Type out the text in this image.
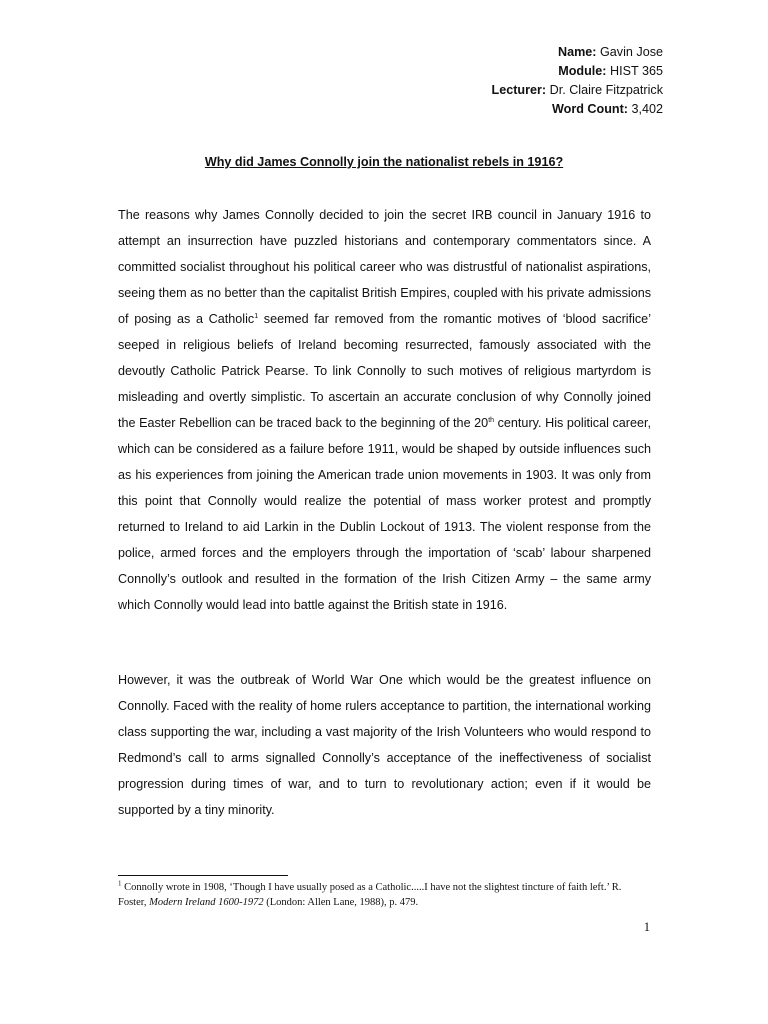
Name: Gavin Jose
Module: HIST 365
Lecturer: Dr. Claire Fitzpatrick
Word Count: 3,402
Why did James Connolly join the nationalist rebels in 1916?

The reasons why James Connolly decided to join the secret IRB council in January 1916 to attempt an insurrection have puzzled historians and contemporary commentators since. A committed socialist throughout his political career who was distrustful of nationalist aspirations, seeing them as no better than the capitalist British Empires, coupled with his private admissions of posing as a Catholic$^1$ seemed far removed from the romantic motives of ‘blood sacrifice’ seeped in religious beliefs of Ireland becoming resurrected, famously associated with the devoutly Catholic Patrick Pearse. To link Connolly to such motives of religious martyrdom is misleading and overtly simplistic. To ascertain an accurate conclusion of why Connolly joined the Easter Rebellion can be traced back to the beginning of the 20th century. His political career, which can be considered as a failure before 1911, would be shaped by outside influences such as his experiences from joining the American trade union movements in 1903. It was only from this point that Connolly would realize the potential of mass worker protest and promptly returned to Ireland to aid Larkin in the Dublin Lockout of 1913. The violent response from the police, armed forces and the employers through the importation of ‘scab’ labour sharpened Connolly’s outlook and resulted in the formation of the Irish Citizen Army – the same army which Connolly would lead into battle against the British state in 1916.

However, it was the outbreak of World War One which would be the greatest influence on Connolly. Faced with the reality of home rulers acceptance to partition, the international working class supporting the war, including a vast majority of the Irish Volunteers who would respond to Redmond’s call to arms signalled Connolly’s acceptance of the ineffectiveness of socialist progression during times of war, and to turn to revolutionary action; even if it would be supported by a tiny minority.

$^1$ Connolly wrote in 1908, ‘Though I have usually posed as a Catholic.....I have not the slightest tincture of faith left.’ R. Foster, Modern Ireland 1600-1972 (London: Allen Lane, 1988), p. 479.

1
